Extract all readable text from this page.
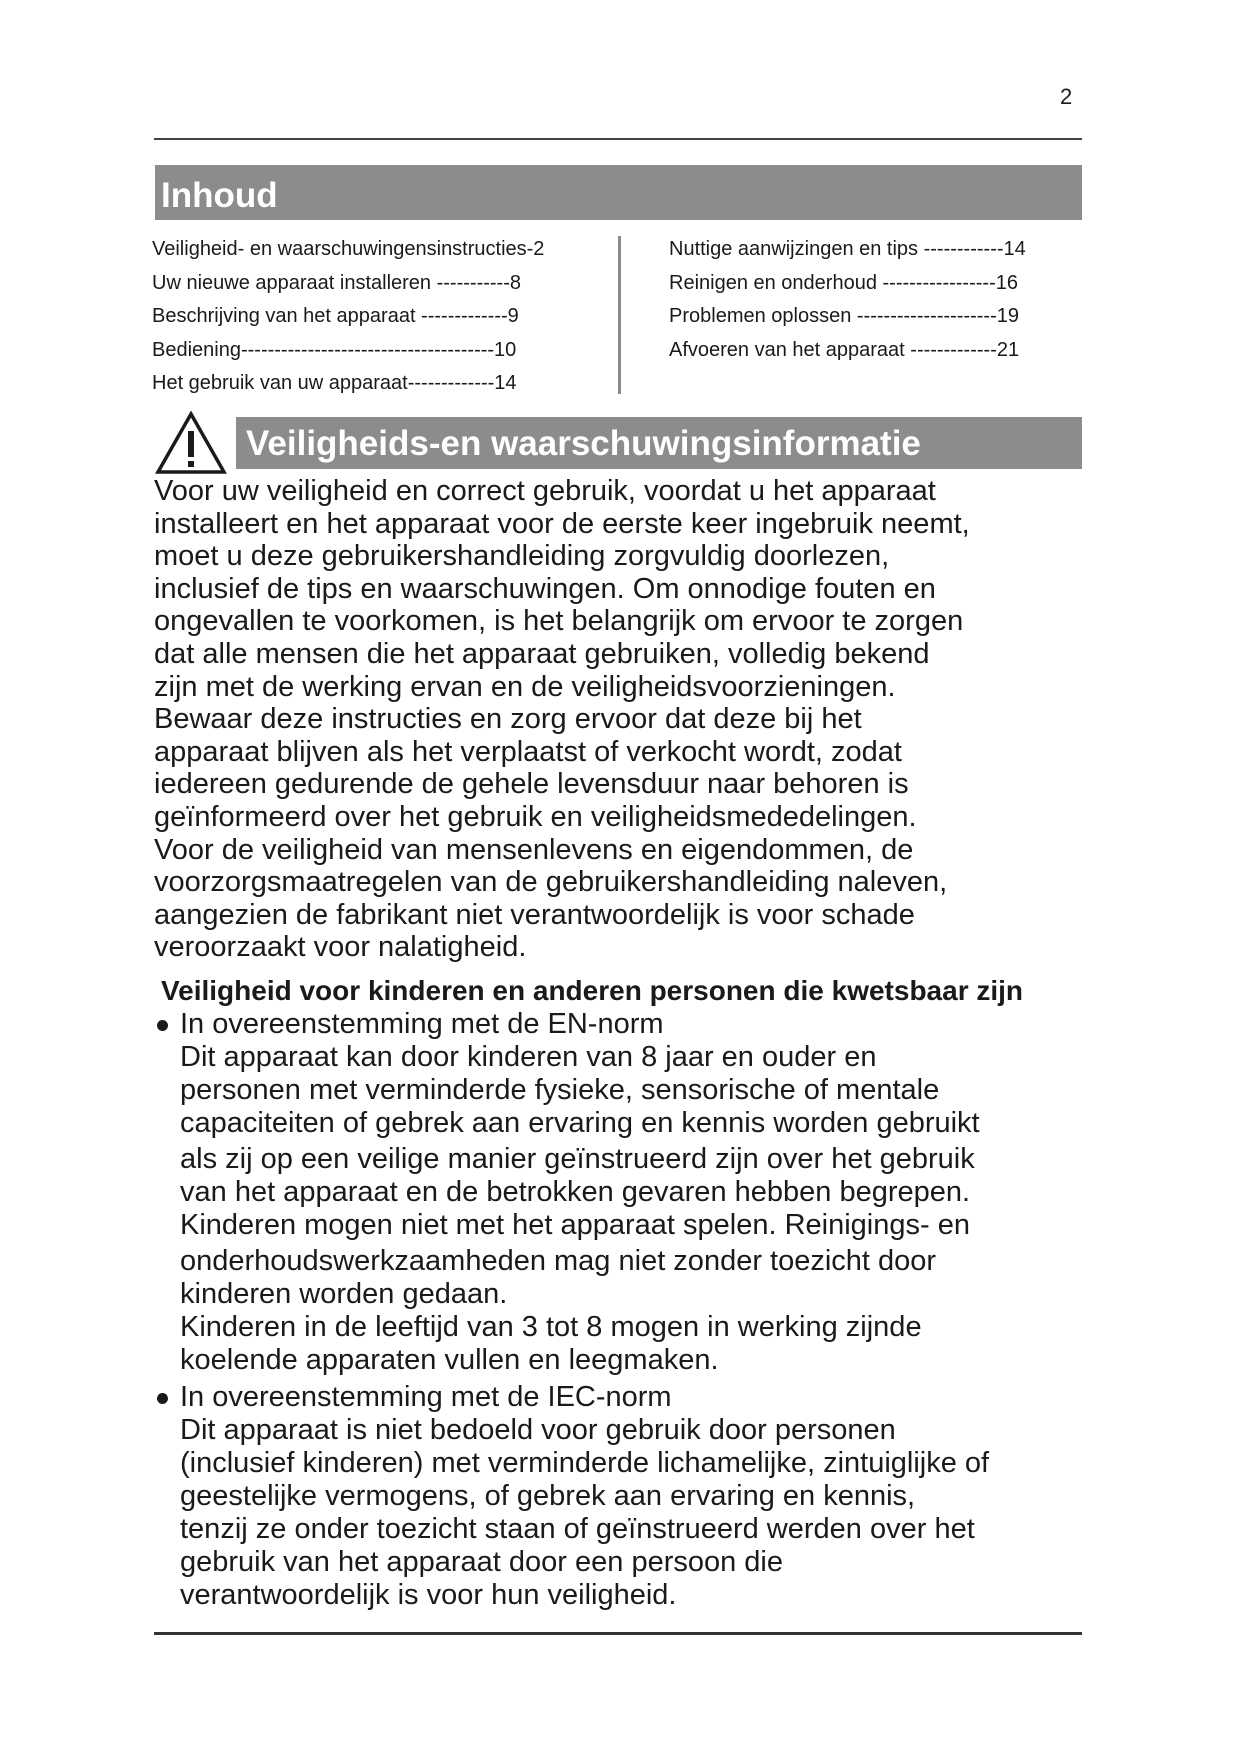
2
Inhoud
Veiligheid- en waarschuwingensinstructies-2
Uw nieuwe apparaat installeren -----------8
Beschrijving van het apparaat -------------9
Bediening--------------------------------------10
Het gebruik van uw apparaat-------------14
Nuttige aanwijzingen en tips ------------14
Reinigen en onderhoud -----------------16
Problemen oplossen ---------------------19
Afvoeren van het apparaat -------------21
Veiligheids-en waarschuwingsinformatie
Voor uw veiligheid en correct gebruik, voordat u het apparaat
installeert en het apparaat voor de eerste keer ingebruik neemt,
moet u deze gebruikershandleiding zorgvuldig doorlezen,
inclusief de tips en waarschuwingen. Om onnodige fouten en
ongevallen te voorkomen, is het belangrijk om ervoor te zorgen
dat alle mensen die het apparaat gebruiken, volledig bekend
zijn met de werking ervan en de veiligheidsvoorzieningen.
Bewaar deze instructies en zorg ervoor dat deze bij het
apparaat blijven als het verplaatst of verkocht wordt, zodat
iedereen gedurende de gehele levensduur naar behoren is
geïnformeerd over het gebruik en veiligheidsmededelingen.
Voor de veiligheid van mensenlevens en eigendommen, de
voorzorgsmaatregelen van de gebruikershandleiding naleven,
aangezien de fabrikant niet verantwoordelijk is voor schade
veroorzaakt voor nalatigheid.
Veiligheid voor kinderen en anderen personen die kwetsbaar zijn
In overeenstemming met de EN-norm
Dit apparaat kan door kinderen van 8 jaar en ouder en
personen met verminderde fysieke, sensorische of mentale
capaciteiten of gebrek aan ervaring en kennis worden gebruikt
als zij op een veilige manier geïnstrueerd zijn over het gebruik
van het apparaat en de betrokken gevaren hebben begrepen.
Kinderen mogen niet met het apparaat spelen. Reinigings- en
onderhoudswerkzaamheden mag niet zonder toezicht door
kinderen worden gedaan.
Kinderen in de leeftijd van 3 tot 8 mogen in werking zijnde
koelende apparaten vullen en leegmaken.
In overeenstemming met de IEC-norm
Dit apparaat is niet bedoeld voor gebruik door personen
(inclusief kinderen) met verminderde lichamelijke, zintuiglijke of
geestelijke vermogens, of gebrek aan ervaring en kennis,
tenzij ze onder toezicht staan of geïnstrueerd werden over het
gebruik van het apparaat door een persoon die
verantwoordelijk is voor hun veiligheid.
